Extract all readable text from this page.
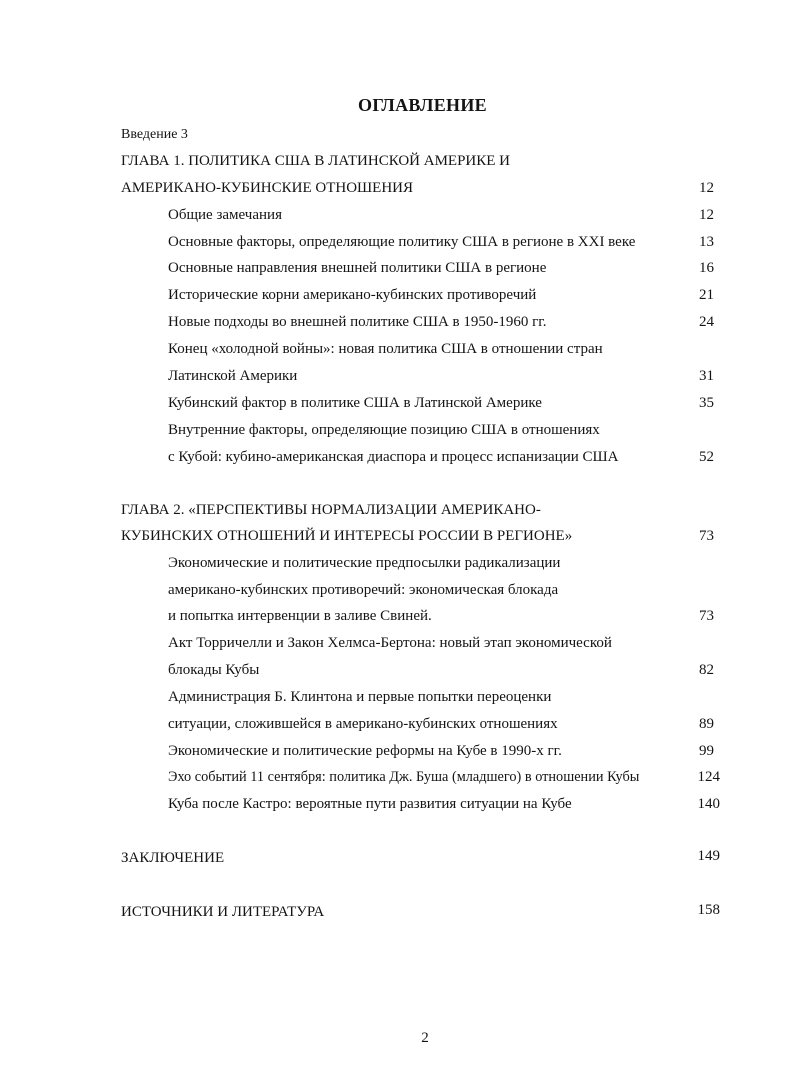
ОГЛАВЛЕНИЕ
Введение 3
ГЛАВА 1. ПОЛИТИКА США В ЛАТИНСКОЙ АМЕРИКЕ И
АМЕРИКАНО-КУБИНСКИЕ ОТНОШЕНИЯ	12
Общие замечания	12
Основные факторы, определяющие политику США в регионе в XXI веке	13
Основные направления внешней политики США в регионе	16
Исторические корни американо-кубинских противоречий	21
Новые подходы во внешней политике США в 1950-1960 гг.	24
Конец «холодной войны»: новая политика США в отношении стран
Латинской Америки	31
Кубинский фактор в политике США в Латинской Америке	35
Внутренние факторы, определяющие позицию США в отношениях
с Кубой: кубино-американская диаспора и процесс испанизации США	52
ГЛАВА 2. «ПЕРСПЕКТИВЫ НОРМАЛИЗАЦИИ АМЕРИКАНО-
КУБИНСКИХ ОТНОШЕНИЙ И ИНТЕРЕСЫ РОССИИ В РЕГИОНЕ»	73
Экономические и политические предпосылки радикализации
американо-кубинских противоречий: экономическая блокада
и попытка интервенции в заливе Свиней.	73
Акт Торричелли и Закон Хелмса-Бертона: новый этап экономической
блокады Кубы	82
Администрация Б. Клинтона и первые попытки переоценки
ситуации, сложившейся в американо-кубинских отношениях	89
Экономические и политические реформы на Кубе в 1990-х гг.	99
Эхо событий 11 сентября: политика Дж. Буша (младшего) в отношении Кубы	124
Куба после Кастро: вероятные пути развития ситуации на Кубе	140
ЗАКЛЮЧЕНИЕ	149
ИСТОЧНИКИ И ЛИТЕРАТУРА	158
2
